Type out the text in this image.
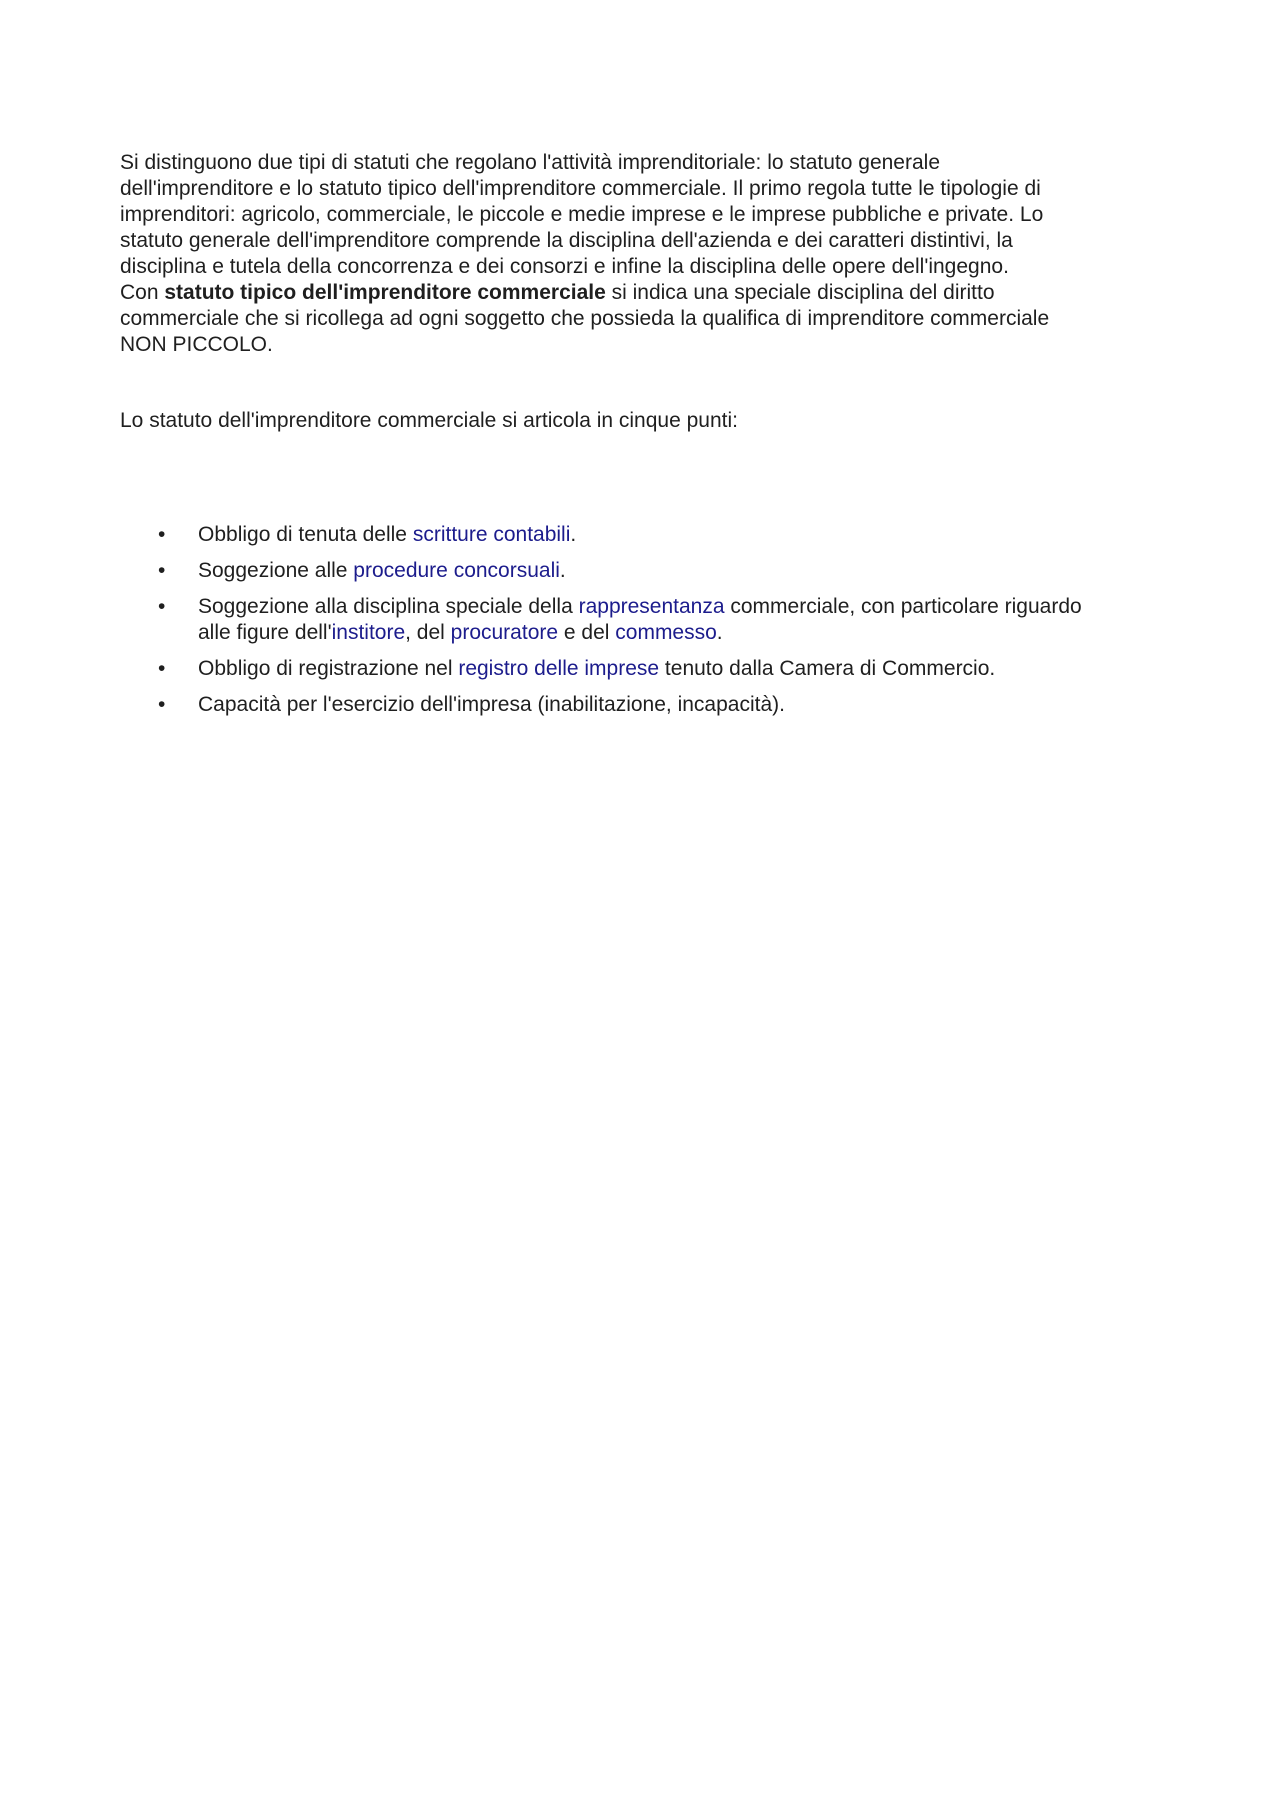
Si distinguono due tipi di statuti che regolano l'attività imprenditoriale: lo statuto generale
dell'imprenditore e lo statuto tipico dell'imprenditore commerciale. Il primo regola tutte le tipologie di
imprenditori: agricolo, commerciale, le piccole e medie imprese e le imprese pubbliche e private. Lo
statuto generale dell'imprenditore comprende la disciplina dell'azienda e dei caratteri distintivi, la
disciplina e tutela della concorrenza e dei consorzi e infine la disciplina delle opere dell'ingegno.
Con statuto tipico dell'imprenditore commerciale si indica una speciale disciplina del diritto
commerciale che si ricollega ad ogni soggetto che possieda la qualifica di imprenditore commerciale
NON PICCOLO.

Lo statuto dell'imprenditore commerciale si articola in cinque punti:

• Obbligo di tenuta delle scritture contabili.
• Soggezione alle procedure concorsuali.
• Soggezione alla disciplina speciale della rappresentanza commerciale, con particolare riguardo
alle figure dell'institore, del procuratore e del commesso.
• Obbligo di registrazione nel registro delle imprese tenuto dalla Camera di Commercio.
• Capacità per l'esercizio dell'impresa (inabilitazione, incapacità).
